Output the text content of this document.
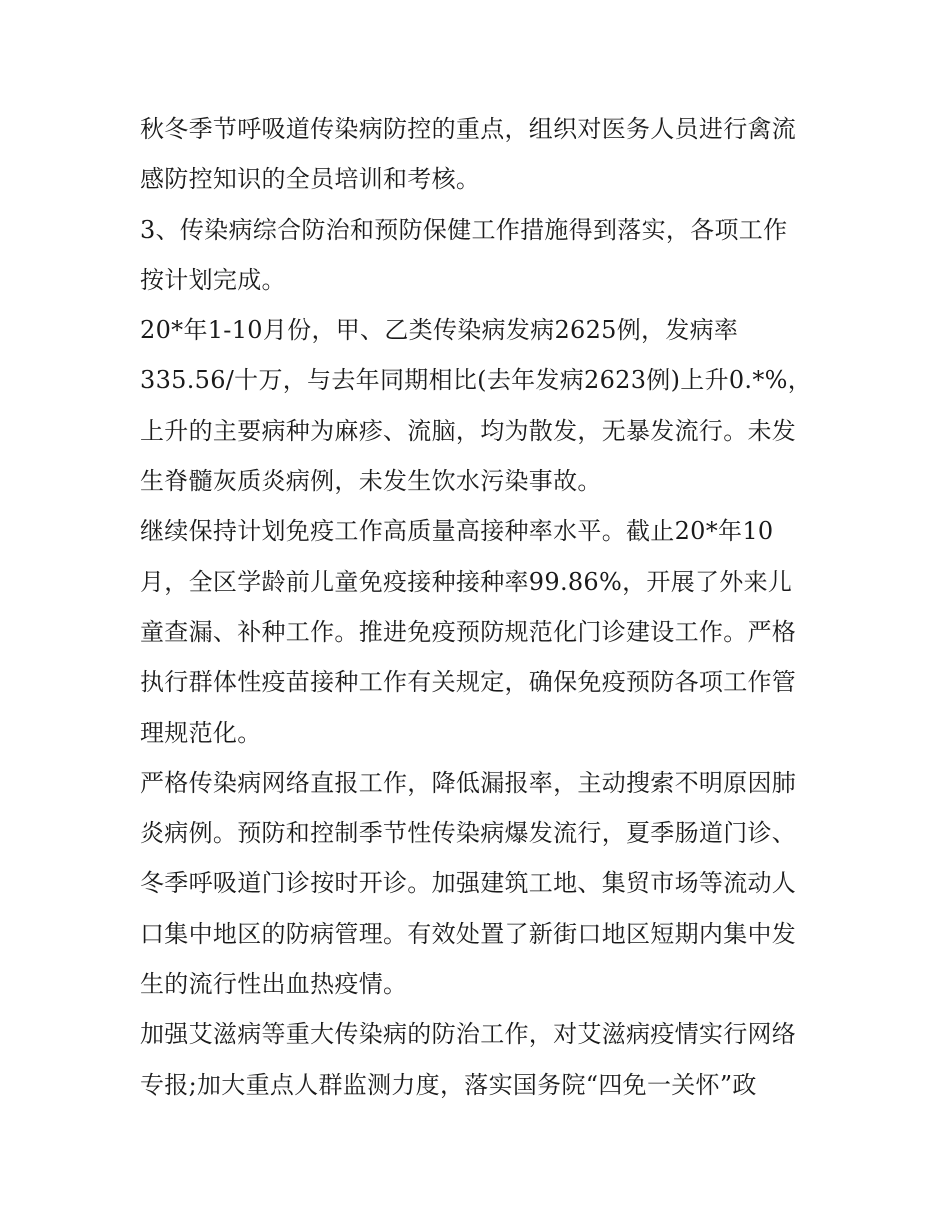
秋冬季节呼吸道传染病防控的重点，组织对医务人员进行禽流
感防控知识的全员培训和考核。
3、传染病综合防治和预防保健工作措施得到落实，各项工作
按计划完成。
20*年1-10月份，甲、乙类传染病发病2625例，发病率
335.56/十万，与去年同期相比(去年发病2623例)上升0.*%，
上升的主要病种为麻疹、流脑，均为散发，无暴发流行。未发
生脊髓灰质炎病例，未发生饮水污染事故。
继续保持计划免疫工作高质量高接种率水平。截止20*年10
月，全区学龄前儿童免疫接种接种率99.86%，开展了外来儿
童查漏、补种工作。推进免疫预防规范化门诊建设工作。严格
执行群体性疫苗接种工作有关规定，确保免疫预防各项工作管
理规范化。
严格传染病网络直报工作，降低漏报率，主动搜索不明原因肺
炎病例。预防和控制季节性传染病爆发流行，夏季肠道门诊、
冬季呼吸道门诊按时开诊。加强建筑工地、集贸市场等流动人
口集中地区的防病管理。有效处置了新街口地区短期内集中发
生的流行性出血热疫情。
加强艾滋病等重大传染病的防治工作，对艾滋病疫情实行网络
专报;加大重点人群监测力度，落实国务院“四免一关怀”政
